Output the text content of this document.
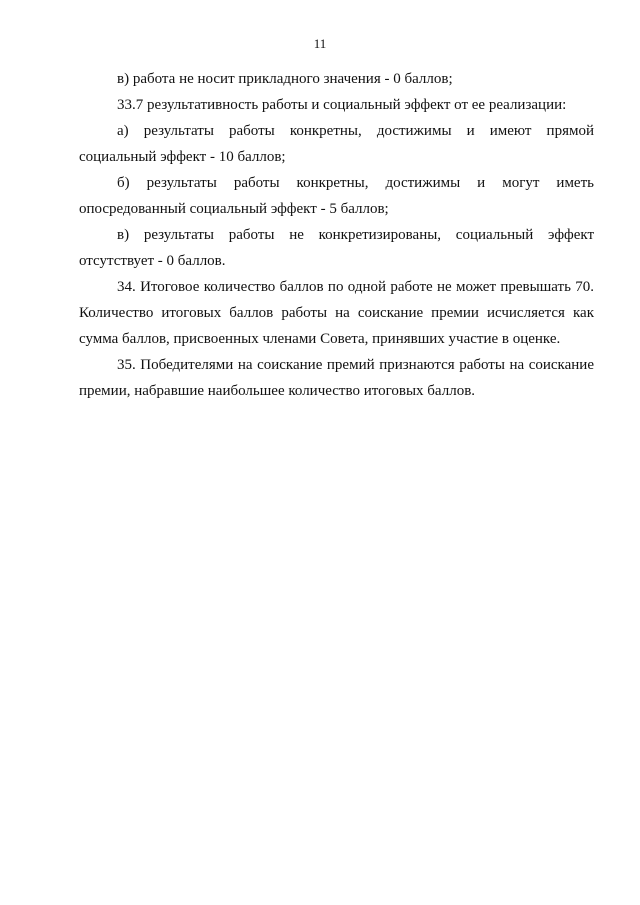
11

в) работа не носит прикладного значения - 0 баллов;

33.7 результативность работы и социальный эффект от ее реализации:

а) результаты работы конкретны, достижимы и имеют прямой социальный эффект - 10 баллов;

б) результаты работы конкретны, достижимы и могут иметь опосредованный социальный эффект - 5 баллов;

в) результаты работы не конкретизированы, социальный эффект отсутствует - 0 баллов.

34. Итоговое количество баллов по одной работе не может превышать 70. Количество итоговых баллов работы на соискание премии исчисляется как сумма баллов, присвоенных членами Совета, принявших участие в оценке.

35. Победителями на соискание премий признаются работы на соискание премии, набравшие наибольшее количество итоговых баллов.
